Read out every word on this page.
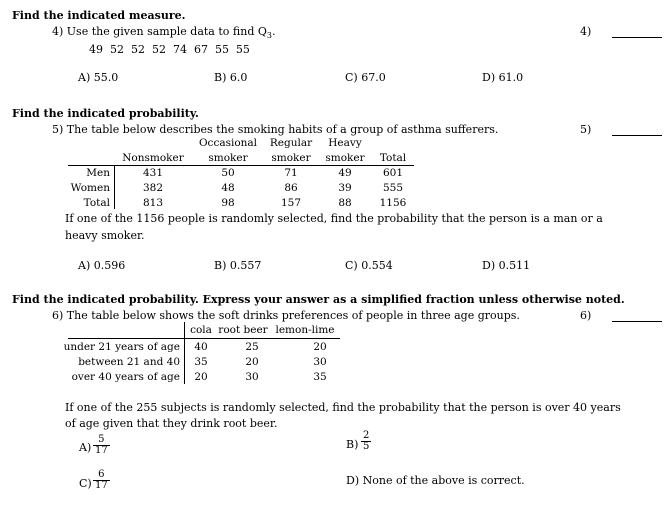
Find the indicated measure.
4) Use the given sample data to find $Q_3$.	4)
49  52  52  52  74  67  55  55
A) 55.0	B) 6.0	C) 67.0	D) 61.0
Find the indicated probability.
5) The table below describes the smoking habits of a group of asthma sufferers.	5)
Occasional	Regular	Heavy
Nonsmoker	smoker	smoker	smoker	Total
Men	431	50	71	49	601
Women	382	48	86	39	555
Total	813	98	157	88	1156
If one of the 1156 people is randomly selected, find the probability that the person is a man or a
heavy smoker.
A) 0.596	B) 0.557	C) 0.554	D) 0.511
Find the indicated probability. Express your answer as a simplified fraction unless otherwise noted.
6) The table below shows the soft drinks preferences of people in three age groups.	6)
cola root beer lemon-lime
under 21 years of age	40	25	20
between 21 and 40	35	20	30
over 40 years of age	20	30	35
If one of the 255 subjects is randomly selected, find the probability that the person is over 40 years
of age given that they drink root beer.
$A) \frac{5}{17}$	$B) \frac{2}{5}$
$C) \frac{6}{17}$	D) None of the above is correct.
